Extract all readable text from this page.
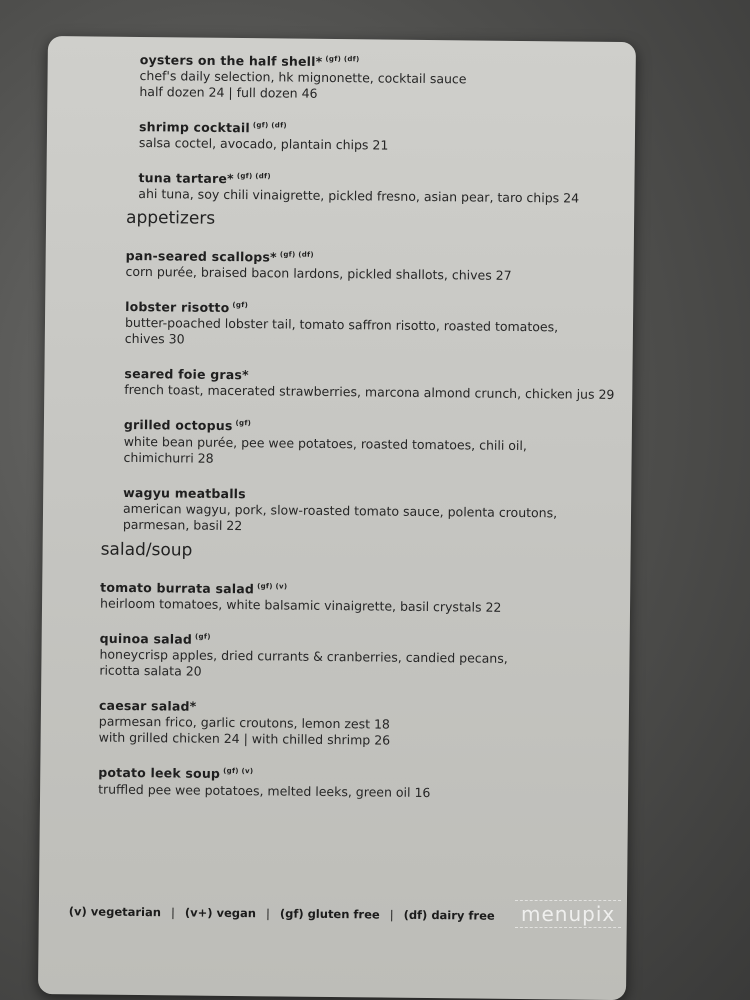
oysters on the half shell* $^{(gf) (df)}$
chef's daily selection, hk mignonette, cocktail sauce
half dozen 24 | full dozen 46
shrimp cocktail $^{(gf) (df)}$
salsa coctel, avocado, plantain chips 21
tuna tartare* $^{(gf) (df)}$
ahi tuna, soy chili vinaigrette, pickled fresno, asian pear, taro chips 24
appetizers
pan-seared scallops* $^{(gf) (df)}$
corn purée, braised bacon lardons, pickled shallots, chives 27
lobster risotto $^{(gf)}$
butter-poached lobster tail, tomato saffron risotto, roasted tomatoes,
chives 30
seared foie gras*
french toast, macerated strawberries, marcona almond crunch, chicken jus 29
grilled octopus $^{(gf)}$
white bean purée, pee wee potatoes, roasted tomatoes, chili oil,
chimichurri 28
wagyu meatballs
american wagyu, pork, slow-roasted tomato sauce, polenta croutons,
parmesan, basil 22
salad/soup
tomato burrata salad $^{(gf) (v)}$
heirloom tomatoes, white balsamic vinaigrette, basil crystals 22
quinoa salad $^{(gf)}$
honeycrisp apples, dried currants & cranberries, candied pecans,
ricotta salata 20
caesar salad*
parmesan frico, garlic croutons, lemon zest 18
with grilled chicken 24 | with chilled shrimp 26
potato leek soup $^{(gf) (v)}$
truffled pee wee potatoes, melted leeks, green oil 16
(v) vegetarian | (v+) vegan | (gf) gluten free | (df) dairy free	menupix
